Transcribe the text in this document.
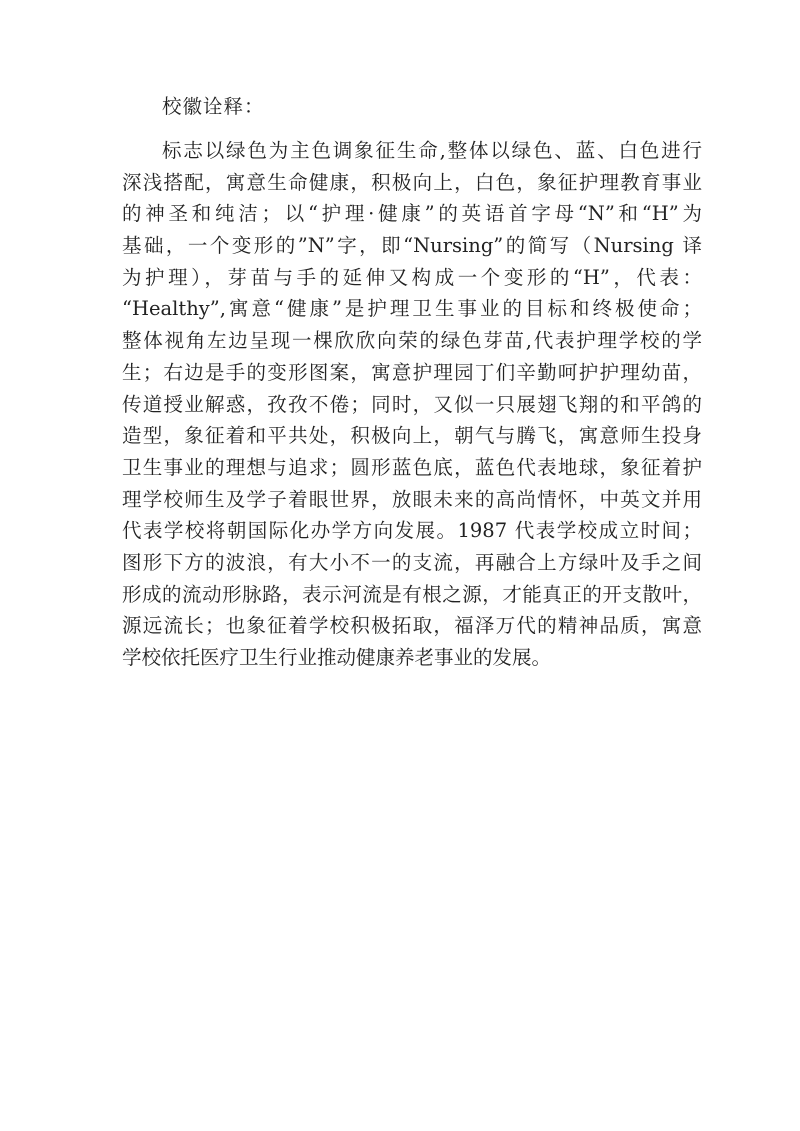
校徽诠释：
标志以绿色为主色调象征生命,整体以绿色、蓝、白色进行
深浅搭配，寓意生命健康，积极向上，白色，象征护理教育事业
的神圣和纯洁；以“护理·健康”的英语首字母“N”和“H”为
基础，一个变形的”N”字，即“Nursing”的简写（Nursing 译
为护理），芽苗与手的延伸又构成一个变形的“H”，代表：
“Healthy”,寓意“健康”是护理卫生事业的目标和终极使命；
整体视角左边呈现一棵欣欣向荣的绿色芽苗,代表护理学校的学
生；右边是手的变形图案，寓意护理园丁们辛勤呵护护理幼苗，
传道授业解惑，孜孜不倦；同时，又似一只展翅飞翔的和平鸽的
造型，象征着和平共处，积极向上，朝气与腾飞，寓意师生投身
卫生事业的理想与追求；圆形蓝色底，蓝色代表地球，象征着护
理学校师生及学子着眼世界，放眼未来的高尚情怀，中英文并用
代表学校将朝国际化办学方向发展。1987 代表学校成立时间；
图形下方的波浪，有大小不一的支流，再融合上方绿叶及手之间
形成的流动形脉路，表示河流是有根之源，才能真正的开支散叶，
源远流长；也象征着学校积极拓取，福泽万代的精神品质，寓意
学校依托医疗卫生行业推动健康养老事业的发展。
